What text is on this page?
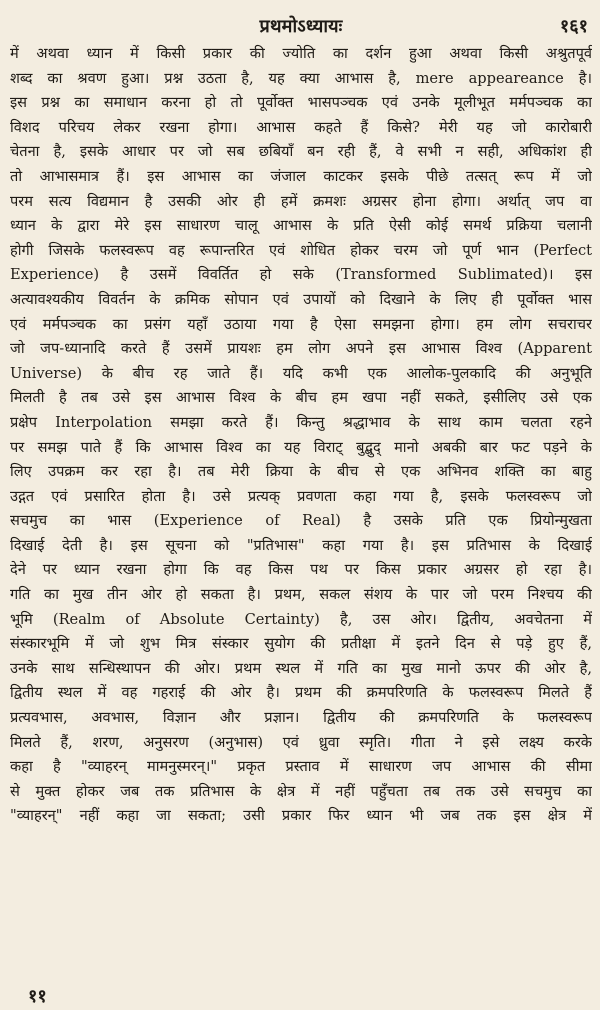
प्रथमोऽध्यायः	१६१
में अथवा ध्यान में किसी प्रकार की ज्योति का दर्शन हुआ अथवा किसी अश्रुतपूर्व
शब्द का श्रवण हुआ। प्रश्न उठता है, यह क्या आभास है, mere appeareance है।
इस प्रश्न का समाधान करना हो तो पूर्वोक्त भासपञ्चक एवं उनके मूलीभूत मर्मपञ्चक का
विशद परिचय लेकर रखना होगा। आभास कहते हैं किसे? मेरी यह जो कारोबारी
चेतना है, इसके आधार पर जो सब छबियाँ बन रही हैं, वे सभी न सही, अधिकांश ही
तो आभासमात्र हैं। इस आभास का जंजाल काटकर इसके पीछे तत्सत् रूप में जो
परम सत्य विद्यमान है उसकी ओर ही हमें क्रमशः अग्रसर होना होगा। अर्थात् जप वा
ध्यान के द्वारा मेरे इस साधारण चालू आभास के प्रति ऐसी कोई समर्थ प्रक्रिया चलानी
होगी जिसके फलस्वरूप वह रूपान्तरित एवं शोधित होकर चरम जो पूर्ण भान (Perfect
Experience) है उसमें विवर्तित हो सके (Transformed Sublimated)। इस
अत्यावश्यकीय विवर्तन के क्रमिक सोपान एवं उपायों को दिखाने के लिए ही पूर्वोक्त भास
एवं मर्मपञ्चक का प्रसंग यहाँ उठाया गया है ऐसा समझना होगा। हम लोग सचराचर
जो जप-ध्यानादि करते हैं उसमें प्रायशः हम लोग अपने इस आभास विश्व (Apparent
Universe) के बीच रह जाते हैं। यदि कभी एक आलोक-पुलकादि की अनुभूति
मिलती है तब उसे इस आभास विश्व के बीच हम खपा नहीं सकते, इसीलिए उसे एक
प्रक्षेप Interpolation समझा करते हैं। किन्तु श्रद्धाभाव के साथ काम चलता रहने
पर समझ पाते हैं कि आभास विश्व का यह विराट् बुद्बुद् मानो अबकी बार फट पड़ने के
लिए उपक्रम कर रहा है। तब मेरी क्रिया के बीच से एक अभिनव शक्ति का बाहु
उद्गत एवं प्रसारित होता है। उसे प्रत्यक् प्रवणता कहा गया है, इसके फलस्वरूप जो
सचमुच का भास (Experience of Real) है उसके प्रति एक प्रियोन्मुखता
दिखाई देती है। इस सूचना को "प्रतिभास" कहा गया है। इस प्रतिभास के दिखाई
देने पर ध्यान रखना होगा कि वह किस पथ पर किस प्रकार अग्रसर हो रहा है।
गति का मुख तीन ओर हो सकता है। प्रथम, सकल संशय के पार जो परम निश्चय की
भूमि (Realm of Absolute Certainty) है, उस ओर। द्वितीय, अवचेतना में
संस्कारभूमि में जो शुभ मित्र संस्कार सुयोग की प्रतीक्षा में इतने दिन से पड़े हुए हैं,
उनके साथ सन्धिस्थापन की ओर। प्रथम स्थल में गति का मुख मानो ऊपर की ओर है,
द्वितीय स्थल में वह गहराई की ओर है। प्रथम की क्रमपरिणति के फलस्वरूप मिलते हैं
प्रत्यवभास, अवभास, विज्ञान और प्रज्ञान। द्वितीय की क्रमपरिणति के फलस्वरूप
मिलते हैं, शरण, अनुसरण (अनुभास) एवं ध्रुवा स्मृति। गीता ने इसे लक्ष्य करके
कहा है "व्याहरन् मामनुस्मरन्।" प्रकृत प्रस्ताव में साधारण जप आभास की सीमा
से मुक्त होकर जब तक प्रतिभास के क्षेत्र में नहीं पहुँचता तब तक उसे सचमुच का
"व्याहरन्" नहीं कहा जा सकता; उसी प्रकार फिर ध्यान भी जब तक इस क्षेत्र में
११
